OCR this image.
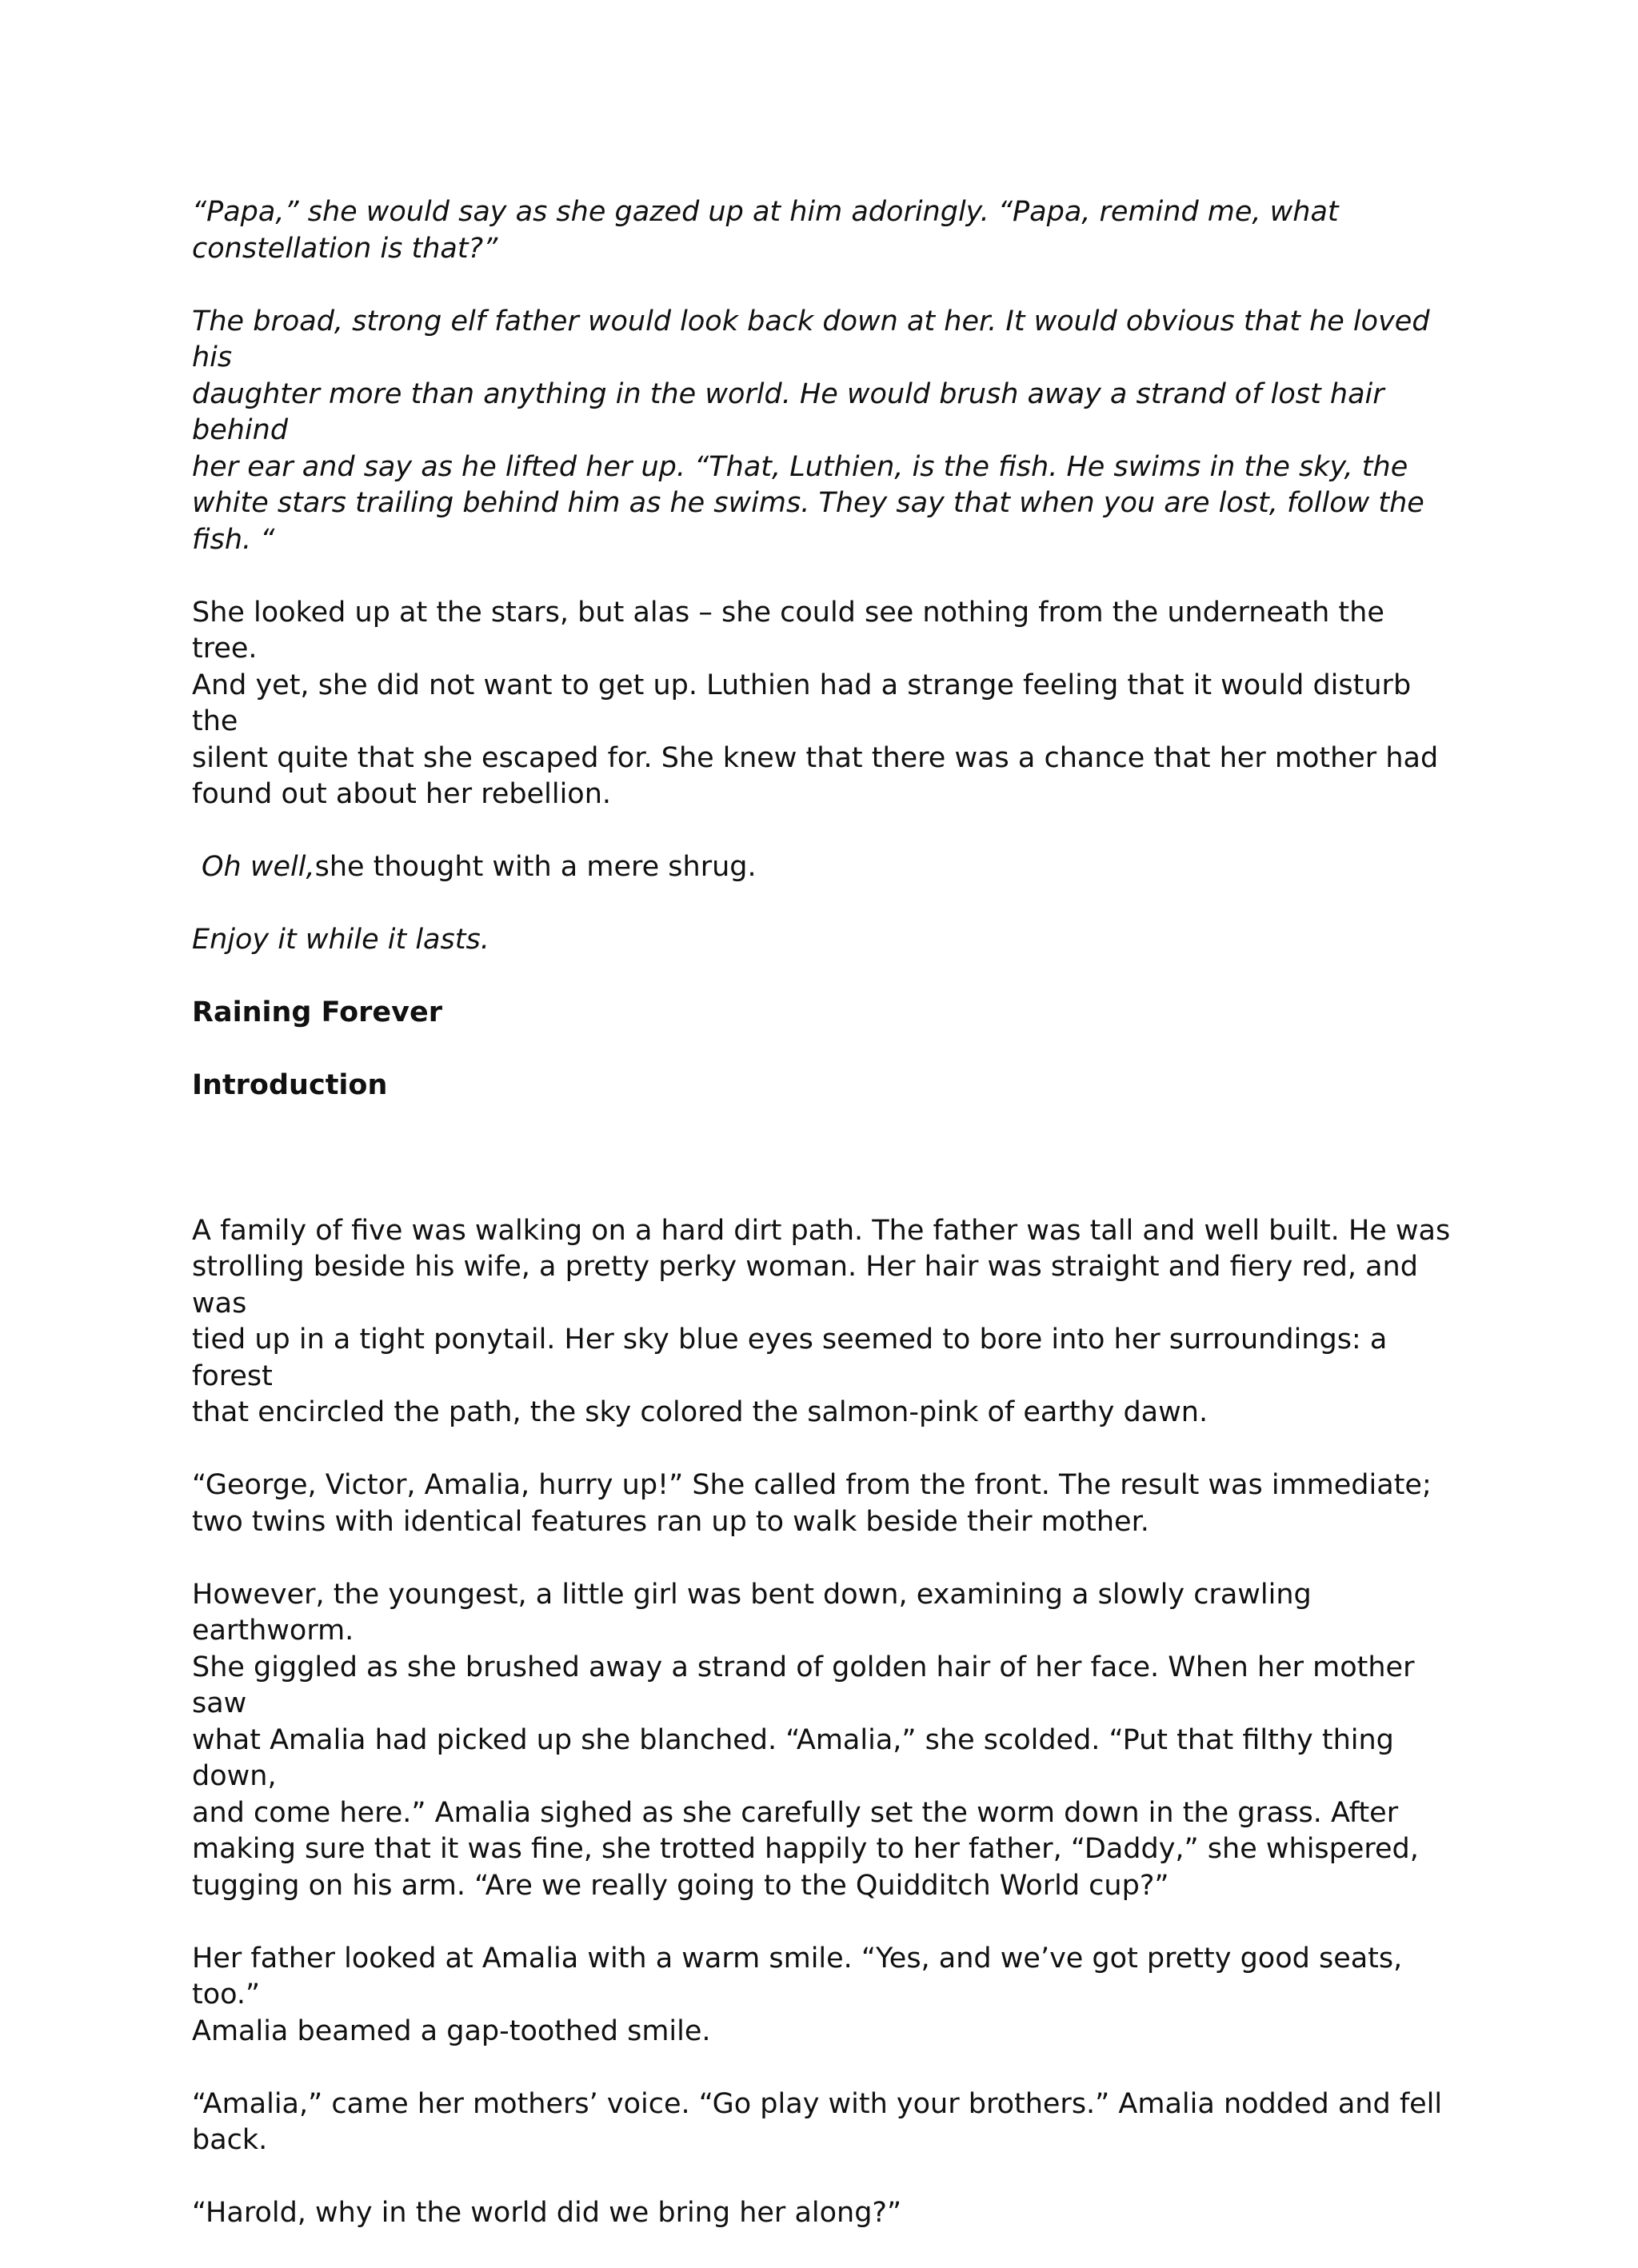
“Papa,” she would say as she gazed up at him adoringly. “Papa, remind me, what
constellation is that?”

The broad, strong elf father would look back down at her. It would obvious that he loved his
daughter more than anything in the world. He would brush away a strand of lost hair behind
her ear and say as he lifted her up. “That, Luthien, is the fish. He swims in the sky, the
white stars trailing behind him as he swims. They say that when you are lost, follow the
fish. “

She looked up at the stars, but alas – she could see nothing from the underneath the tree.
And yet, she did not want to get up. Luthien had a strange feeling that it would disturb the
silent quite that she escaped for. She knew that there was a chance that her mother had
found out about her rebellion.

Oh well,she thought with a mere shrug.

Enjoy it while it lasts.

Raining Forever

Introduction

A family of five was walking on a hard dirt path. The father was tall and well built. He was
strolling beside his wife, a pretty perky woman. Her hair was straight and fiery red, and was
tied up in a tight ponytail. Her sky blue eyes seemed to bore into her surroundings: a forest
that encircled the path, the sky colored the salmon-pink of earthy dawn.

“George, Victor, Amalia, hurry up!” She called from the front. The result was immediate;
two twins with identical features ran up to walk beside their mother.

However, the youngest, a little girl was bent down, examining a slowly crawling earthworm.
She giggled as she brushed away a strand of golden hair of her face. When her mother saw
what Amalia had picked up she blanched. “Amalia,” she scolded. “Put that filthy thing down,
and come here.” Amalia sighed as she carefully set the worm down in the grass. After
making sure that it was fine, she trotted happily to her father, “Daddy,” she whispered,
tugging on his arm. “Are we really going to the Quidditch World cup?”

Her father looked at Amalia with a warm smile. “Yes, and we’ve got pretty good seats, too.”
Amalia beamed a gap-toothed smile.

“Amalia,” came her mothers’ voice. “Go play with your brothers.” Amalia nodded and fell
back.

“Harold, why in the world did we bring her along?”
